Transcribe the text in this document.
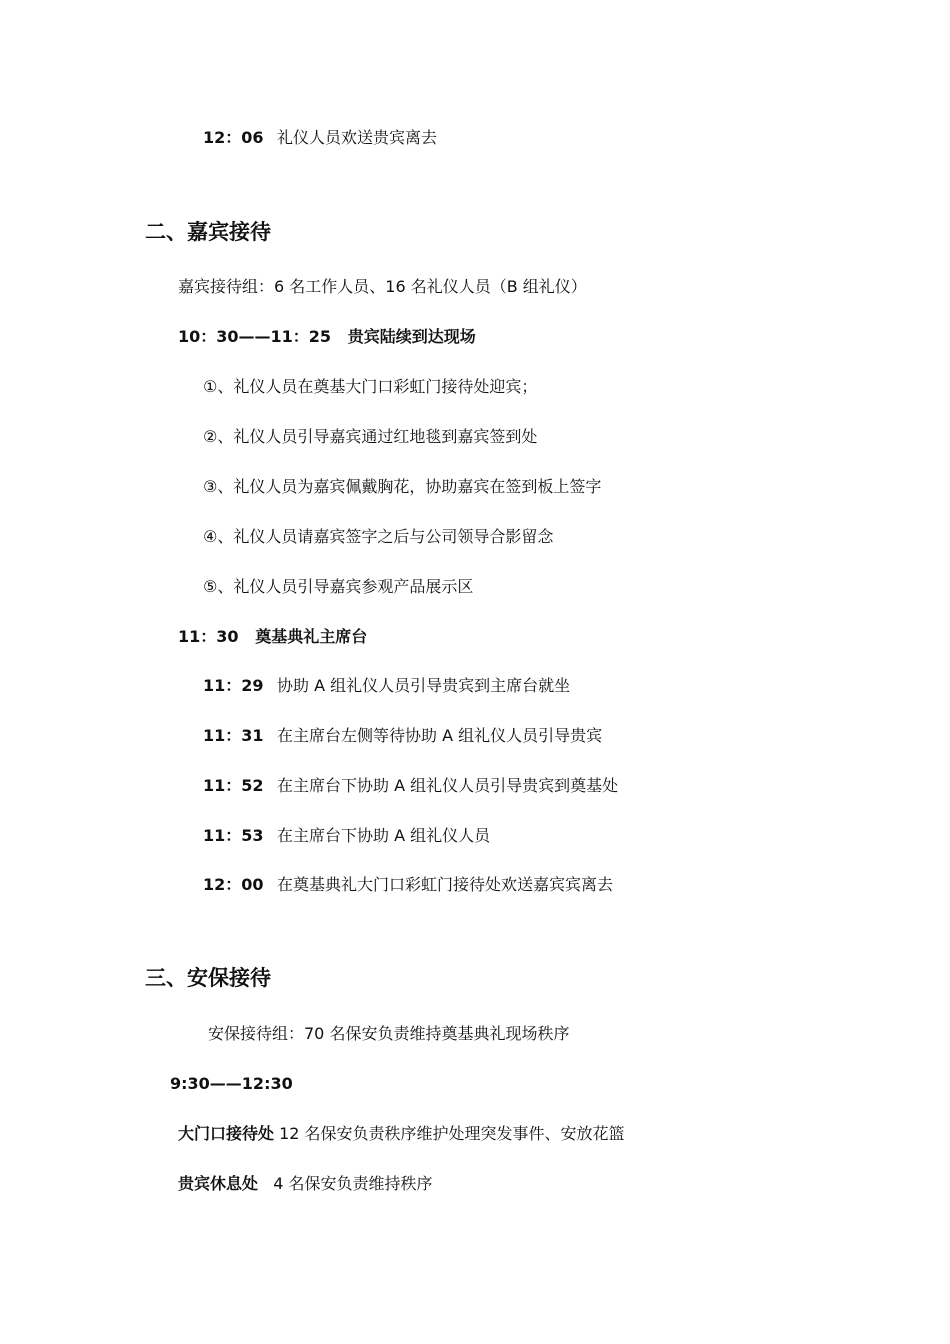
12：06 礼仪人员欢送贵宾离去
二、嘉宾接待
嘉宾接待组：6 名工作人员、16 名礼仪人员（B 组礼仪）
10：30——11：25 贵宾陆续到达现场
①、礼仪人员在奠基大门口彩虹门接待处迎宾；
②、礼仪人员引导嘉宾通过红地毯到嘉宾签到处
③、礼仪人员为嘉宾佩戴胸花，协助嘉宾在签到板上签字
④、礼仪人员请嘉宾签字之后与公司领导合影留念
⑤、礼仪人员引导嘉宾参观产品展示区
11：30 奠基典礼主席台
11：29 协助 A 组礼仪人员引导贵宾到主席台就坐
11：31 在主席台左侧等待协助 A 组礼仪人员引导贵宾
11：52 在主席台下协助 A 组礼仪人员引导贵宾到奠基处
11：53 在主席台下协助 A 组礼仪人员
12：00 在奠基典礼大门口彩虹门接待处欢送嘉宾宾离去
三、安保接待
安保接待组：70 名保安负责维持奠基典礼现场秩序
9:30——12:30
大门口接待处 12 名保安负责秩序维护处理突发事件、安放花篮
贵宾休息处 4 名保安负责维持秩序
